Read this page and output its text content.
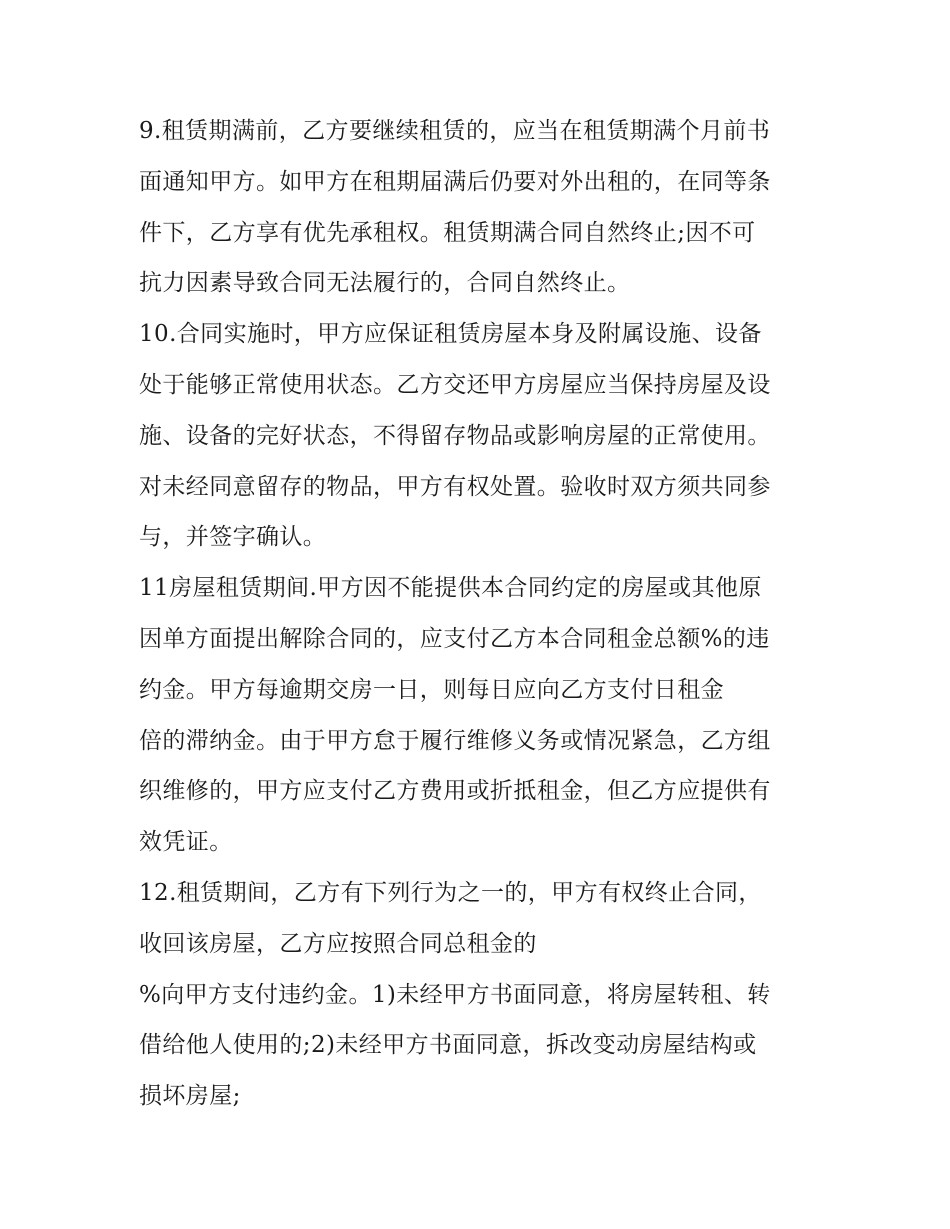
9.租赁期满前，乙方要继续租赁的，应当在租赁期满个月前书
面通知甲方。如甲方在租期届满后仍要对外出租的，在同等条
件下，乙方享有优先承租权。租赁期满合同自然终止;因不可
抗力因素导致合同无法履行的，合同自然终止。
10.合同实施时，甲方应保证租赁房屋本身及附属设施、设备
处于能够正常使用状态。乙方交还甲方房屋应当保持房屋及设
施、设备的完好状态，不得留存物品或影响房屋的正常使用。
对未经同意留存的物品，甲方有权处置。验收时双方须共同参
与，并签字确认。
11房屋租赁期间.甲方因不能提供本合同约定的房屋或其他原
因单方面提出解除合同的，应支付乙方本合同租金总额%的违
约金。甲方每逾期交房一日，则每日应向乙方支付日租金
倍的滞纳金。由于甲方怠于履行维修义务或情况紧急，乙方组
织维修的，甲方应支付乙方费用或折抵租金，但乙方应提供有
效凭证。
12.租赁期间，乙方有下列行为之一的，甲方有权终止合同，
收回该房屋，乙方应按照合同总租金的
%向甲方支付违约金。1)未经甲方书面同意，将房屋转租、转
借给他人使用的;2)未经甲方书面同意，拆改变动房屋结构或
损坏房屋;
